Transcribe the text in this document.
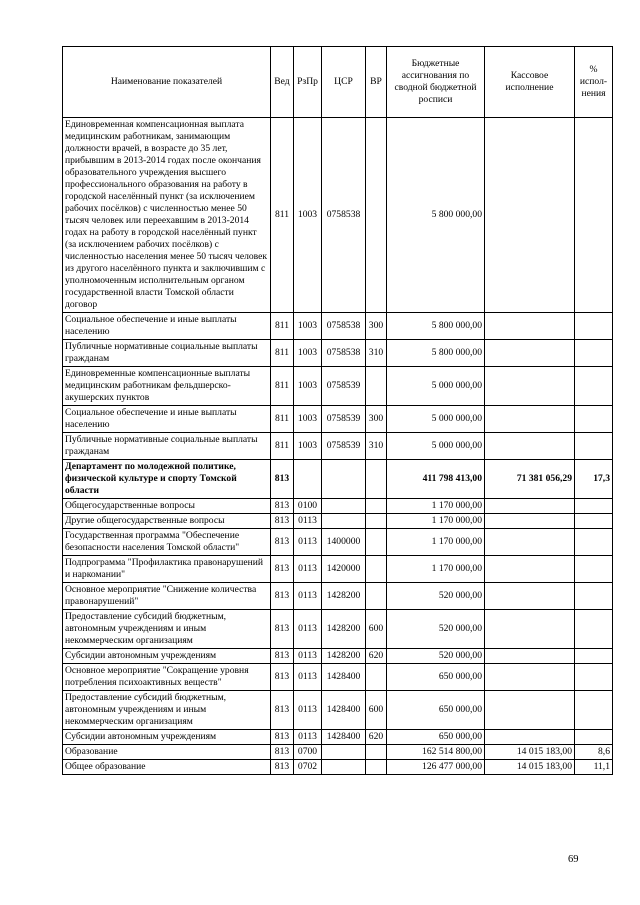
Наименование показателей	Вед	РзПр	ЦСР	ВР	Бюджетные ассигнования по сводной бюджетной росписи	Кассовое исполнение	% испол-нения
Единовременная компенсационная выплата медицинским работникам, занимающим должности врачей, в возрасте до 35 лет, прибывшим в 2013-2014 годах после окончания образовательного учреждения высшего профессионального образования на работу в городской населённый пункт (за исключением рабочих посёлков) с численностью менее 50 тысяч человек или переехавшим в 2013-2014 годах на работу в городской населённый пункт (за исключением рабочих посёлков) с численностью населения менее 50 тысяч человек из другого населённого пункта и заключившим с уполномоченным исполнительным органом государственной власти Томской области договор	811	1003	0758538		5 800 000,00		
Социальное обеспечение и иные выплаты населению	811	1003	0758538	300	5 800 000,00		
Публичные нормативные социальные выплаты гражданам	811	1003	0758538	310	5 800 000,00		
Единовременные компенсационные выплаты медицинским работникам фельдшерско-акушерских пунктов	811	1003	0758539		5 000 000,00		
Социальное обеспечение и иные выплаты населению	811	1003	0758539	300	5 000 000,00		
Публичные нормативные социальные выплаты гражданам	811	1003	0758539	310	5 000 000,00		
Департамент по молодежной политике, физической культуре и спорту Томской области	813				411 798 413,00	71 381 056,29	17,3
Общегосударственные вопросы	813	0100			1 170 000,00		
Другие общегосударственные вопросы	813	0113			1 170 000,00		
Государственная программа "Обеспечение безопасности населения Томской области"	813	0113	1400000		1 170 000,00		
Подпрограмма "Профилактика правонарушений и наркомании"	813	0113	1420000		1 170 000,00		
Основное мероприятие "Снижение количества правонарушений"	813	0113	1428200		520 000,00		
Предоставление субсидий бюджетным, автономным учреждениям и иным некоммерческим организациям	813	0113	1428200	600	520 000,00		
Субсидии автономным учреждениям	813	0113	1428200	620	520 000,00		
Основное мероприятие "Сокращение уровня потребления психоактивных веществ"	813	0113	1428400		650 000,00		
Предоставление субсидий бюджетным, автономным учреждениям и иным некоммерческим организациям	813	0113	1428400	600	650 000,00		
Субсидии автономным учреждениям	813	0113	1428400	620	650 000,00		
Образование	813	0700			162 514 800,00	14 015 183,00	8,6
Общее образование	813	0702			126 477 000,00	14 015 183,00	11,1
69
